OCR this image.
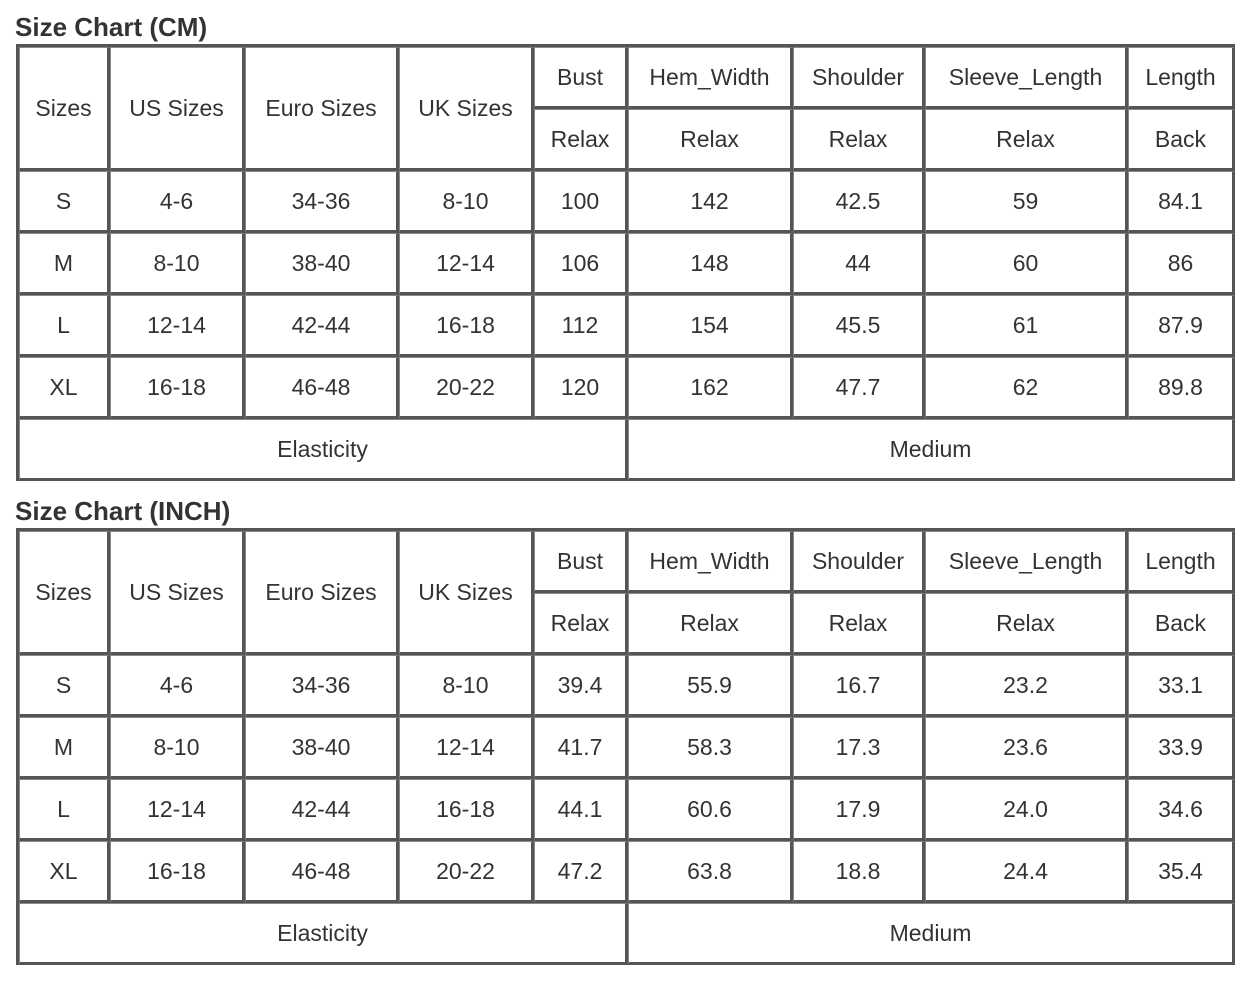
Size Chart (CM)
Sizes	US Sizes	Euro Sizes	UK Sizes	Bust	Hem_Width	Shoulder	Sleeve_Length	Length
				Relax	Relax	Relax	Relax	Back
S	4-6	34-36	8-10	100	142	42.5	59	84.1
M	8-10	38-40	12-14	106	148	44	60	86
L	12-14	42-44	16-18	112	154	45.5	61	87.9
XL	16-18	46-48	20-22	120	162	47.7	62	89.8
Elasticity					Medium			
Size Chart (INCH)
Sizes	US Sizes	Euro Sizes	UK Sizes	Bust	Hem_Width	Shoulder	Sleeve_Length	Length
				Relax	Relax	Relax	Relax	Back
S	4-6	34-36	8-10	39.4	55.9	16.7	23.2	33.1
M	8-10	38-40	12-14	41.7	58.3	17.3	23.6	33.9
L	12-14	42-44	16-18	44.1	60.6	17.9	24.0	34.6
XL	16-18	46-48	20-22	47.2	63.8	18.8	24.4	35.4
Elasticity					Medium			
